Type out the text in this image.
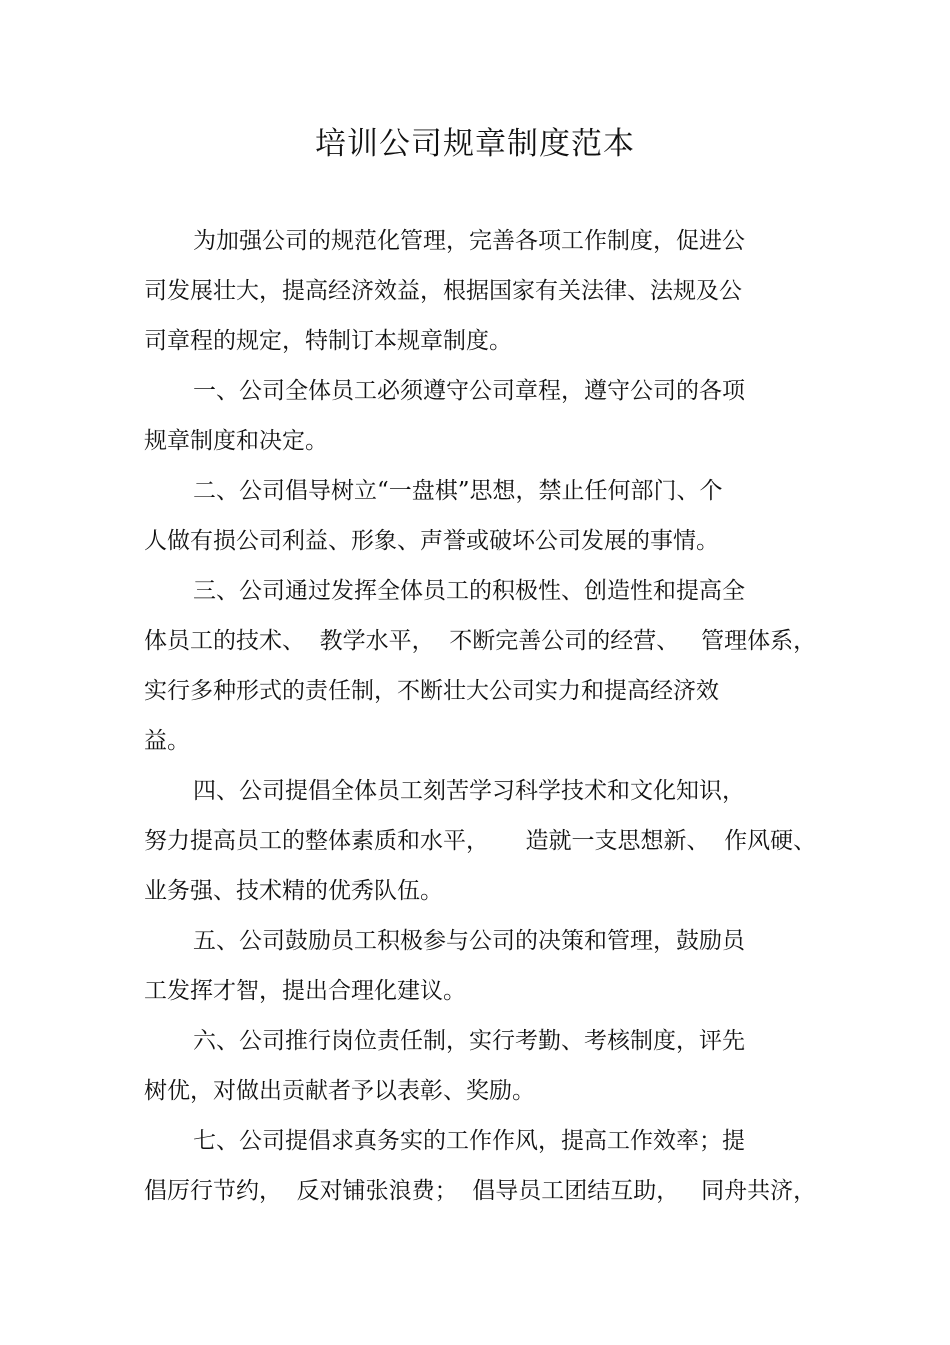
培训公司规章制度范本

为加强公司的规范化管理，完善各项工作制度，促进公

司发展壮大，提高经济效益，根据国家有关法律、法规及公

司章程的规定，特制订本规章制度。

一、公司全体员工必须遵守公司章程，遵守公司的各项

规章制度和决定。

二、公司倡导树立“一盘棋”思想，禁止任何部门、个

人做有损公司利益、形象、声誉或破坏公司发展的事情。

三、公司通过发挥全体员工的积极性、创造性和提高全

体员工的技术、  教学水平，  不断完善公司的经营、   管理体系，

实行多种形式的责任制，不断壮大公司实力和提高经济效

益。

四、公司提倡全体员工刻苦学习科学技术和文化知识，

努力提高员工的整体素质和水平，     造就一支思想新、  作风硬、

业务强、技术精的优秀队伍。

五、公司鼓励员工积极参与公司的决策和管理，鼓励员

工发挥才智，提出合理化建议。

六、公司推行岗位责任制，实行考勤、考核制度，评先

树优，对做出贡献者予以表彰、奖励。

七、公司提倡求真务实的工作作风，提高工作效率；提

倡厉行节约，  反对铺张浪费；  倡导员工团结互助，   同舟共济，
